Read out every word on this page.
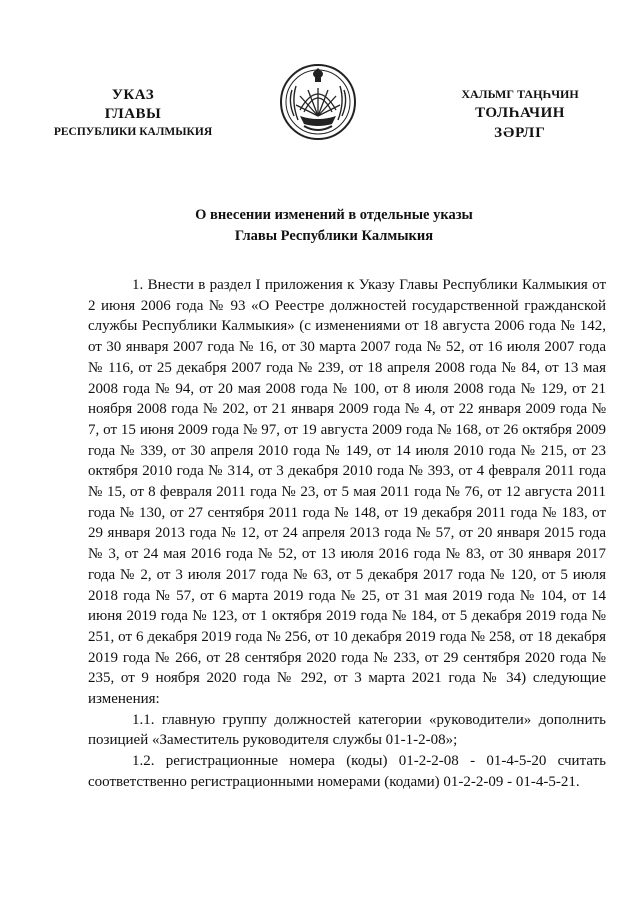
УКАЗ
ГЛАВЫ
РЕСПУБЛИКИ КАЛМЫКИЯ
ХАЛЬМГ ТАҢҺЧИН
ТОЛҺАЧИН
ЗӘРЛГ
О внесении изменений в отдельные указы
Главы Республики Калмыкия

1. Внести в раздел I приложения к Указу Главы Республики Калмыкия от 2 июня 2006 года № 93 «О Реестре должностей государственной гражданской службы Республики Калмыкия» (с изменениями от 18 августа 2006 года № 142, от 30 января 2007 года № 16, от 30 марта 2007 года № 52, от 16 июля 2007 года № 116, от 25 декабря 2007 года № 239, от 18 апреля 2008 года № 84, от 13 мая 2008 года № 94, от 20 мая 2008 года № 100, от 8 июля 2008 года № 129, от 21 ноября 2008 года № 202, от 21 января 2009 года № 4, от 22 января 2009 года № 7, от 15 июня 2009 года № 97, от 19 августа 2009 года № 168, от 26 октября 2009 года № 339, от 30 апреля 2010 года № 149, от 14 июля 2010 года № 215, от 23 октября 2010 года № 314, от 3 декабря 2010 года № 393, от 4 февраля 2011 года № 15, от 8 февраля 2011 года № 23, от 5 мая 2011 года № 76, от 12 августа 2011 года № 130, от 27 сентября 2011 года № 148, от 19 декабря 2011 года № 183, от 29 января 2013 года № 12, от 24 апреля 2013 года № 57, от 20 января 2015 года № 3, от 24 мая 2016 года № 52, от 13 июля 2016 года № 83, от 30 января 2017 года № 2, от 3 июля 2017 года № 63, от 5 декабря 2017 года № 120, от 5 июля 2018 года № 57, от 6 марта 2019 года № 25, от 31 мая 2019 года № 104, от 14 июня 2019 года № 123, от 1 октября 2019 года № 184, от 5 декабря 2019 года № 251, от 6 декабря 2019 года № 256, от 10 декабря 2019 года № 258, от 18 декабря 2019 года № 266, от 28 сентября 2020 года № 233, от 29 сентября 2020 года № 235, от 9 ноября 2020 года № 292, от 3 марта 2021 года № 34) следующие изменения:

1.1. главную группу должностей категории «руководители» дополнить позицией «Заместитель руководителя службы 01-1-2-08»;

1.2. регистрационные номера (коды) 01-2-2-08 - 01-4-5-20 считать соответственно регистрационными номерами (кодами) 01-2-2-09 - 01-4-5-21.
